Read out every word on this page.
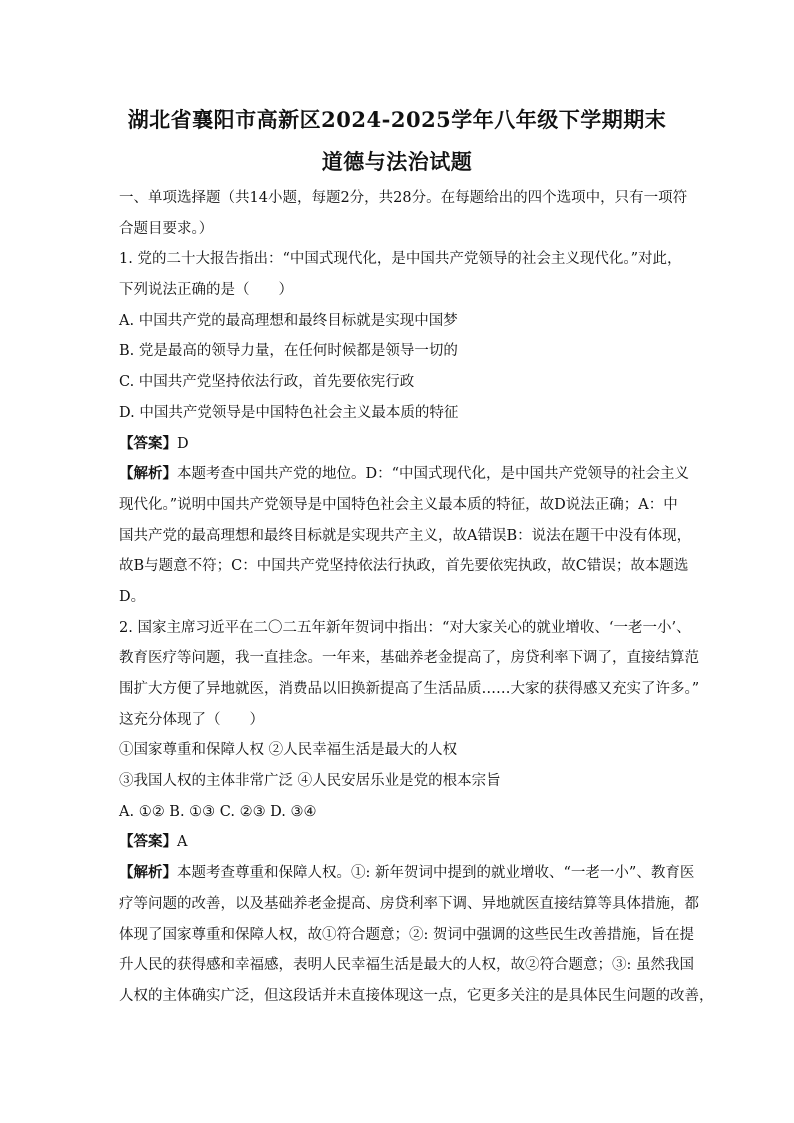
湖北省襄阳市高新区2024-2025学年八年级下学期期末
道德与法治试题
一、单项选择题（共14小题，每题2分，共28分。在每题给出的四个选项中，只有一项符
合题目要求。）
1. 党的二十大报告指出：“中国式现代化，是中国共产党领导的社会主义现代化。”对此，
下列说法正确的是（　　）
A. 中国共产党的最高理想和最终目标就是实现中国梦
B. 党是最高的领导力量，在任何时候都是领导一切的
C. 中国共产党坚持依法行政，首先要依宪行政
D. 中国共产党领导是中国特色社会主义最本质的特征
【答案】D
【解析】本题考查中国共产党的地位。D：“中国式现代化，是中国共产党领导的社会主义
现代化。”说明中国共产党领导是中国特色社会主义最本质的特征，故D说法正确；A：中
国共产党的最高理想和最终目标就是实现共产主义，故A错误B：说法在题干中没有体现，
故B与题意不符；C：中国共产党坚持依法行执政，首先要依宪执政，故C错误；故本题选
D。
2. 国家主席习近平在二〇二五年新年贺词中指出：“对大家关心的就业增收、‘一老一小’、
教育医疗等问题，我一直挂念。一年来，基础养老金提高了，房贷利率下调了，直接结算范
围扩大方便了异地就医，消费品以旧换新提高了生活品质……大家的获得感又充实了许多。”
这充分体现了（　　）
①国家尊重和保障人权 ②人民幸福生活是最大的人权
③我国人权的主体非常广泛 ④人民安居乐业是党的根本宗旨
A. ①② B. ①③ C. ②③ D. ③④
【答案】A
【解析】本题考查尊重和保障人权。①: 新年贺词中提到的就业增收、“一老一小”、教育医
疗等问题的改善，以及基础养老金提高、房贷利率下调、异地就医直接结算等具体措施，都
体现了国家尊重和保障人权，故①符合题意；②: 贺词中强调的这些民生改善措施，旨在提
升人民的获得感和幸福感，表明人民幸福生活是最大的人权，故②符合题意；③: 虽然我国
人权的主体确实广泛，但这段话并未直接体现这一点，它更多关注的是具体民生问题的改善，
